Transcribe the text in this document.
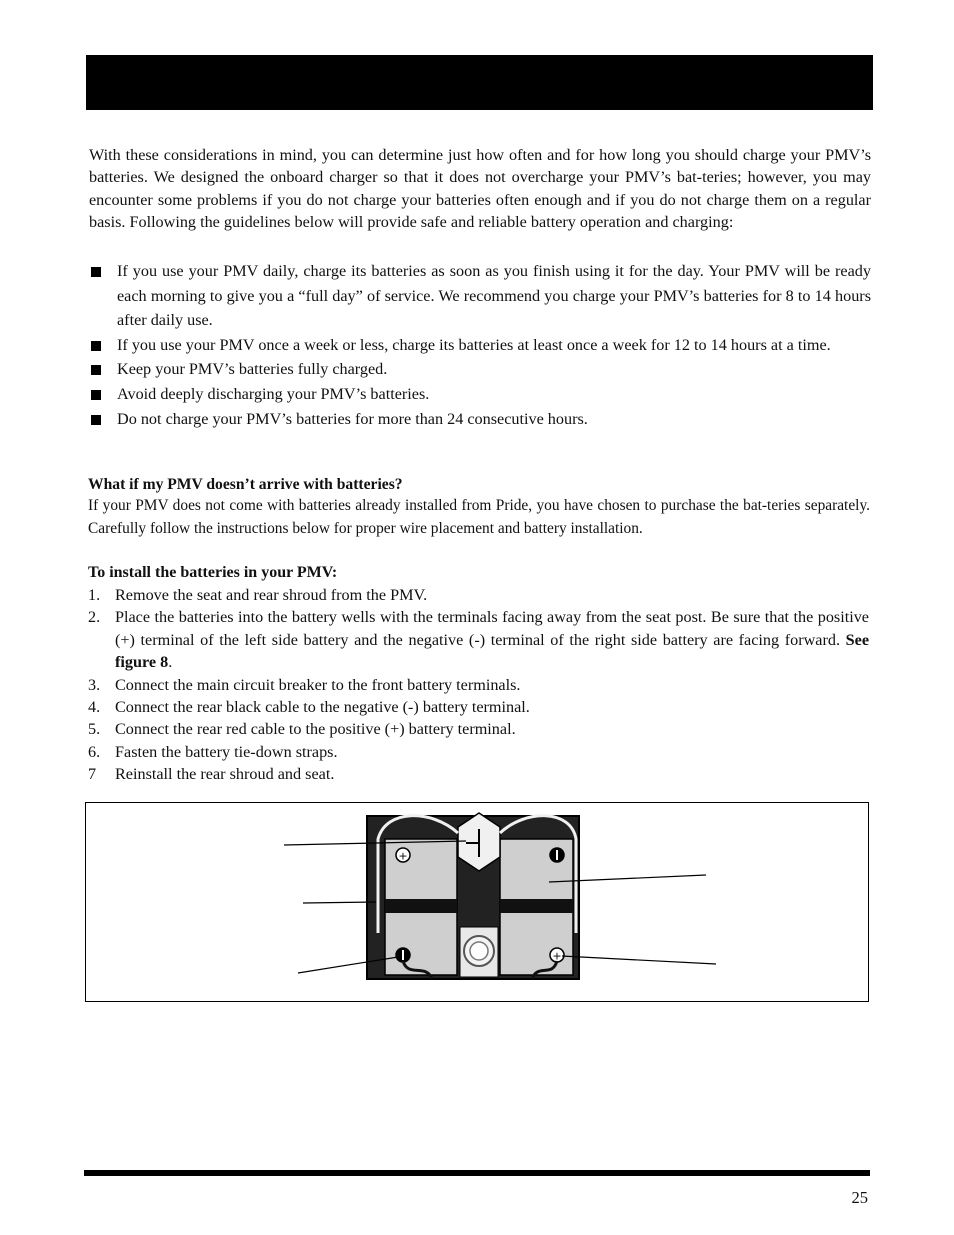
With these considerations in mind, you can determine just how often and for how long you should charge your PMV’s batteries. We designed the onboard charger so that it does not overcharge your PMV’s bat-teries; however, you may encounter some problems if you do not charge your batteries often enough and if you do not charge them on a regular basis. Following the guidelines below will provide safe and reliable battery operation and charging:

If you use your PMV daily, charge its batteries as soon as you finish using it for the day. Your PMV will be ready each morning to give you a “full day” of service. We recommend you charge your PMV’s batteries for 8 to 14 hours after daily use.
If you use your PMV once a week or less, charge its batteries at least once a week for 12 to 14 hours at a time.
Keep your PMV’s batteries fully charged.
Avoid deeply discharging your PMV’s batteries.
Do not charge your PMV’s batteries for more than 24 consecutive hours.
What if my PMV doesn’t arrive with batteries?

If your PMV does not come with batteries already installed from Pride, you have chosen to purchase the bat-teries separately. Carefully follow the instructions below for proper wire placement and battery installation.

To install the batteries in your PMV:
1. Remove the seat and rear shroud from the PMV.
2. Place the batteries into the battery wells with the terminals facing away from the seat post. Be sure that the positive (+) terminal of the left side battery and the negative (-) terminal of the right side battery are facing forward. See figure 8.
3. Connect the main circuit breaker to the front battery terminals.
4. Connect the rear black cable to the negative (-) battery terminal.
5. Connect the rear red cable to the positive (+) battery terminal.
6. Fasten the battery tie-down straps.
7 Reinstall the rear shroud and seat.
+
+
25
